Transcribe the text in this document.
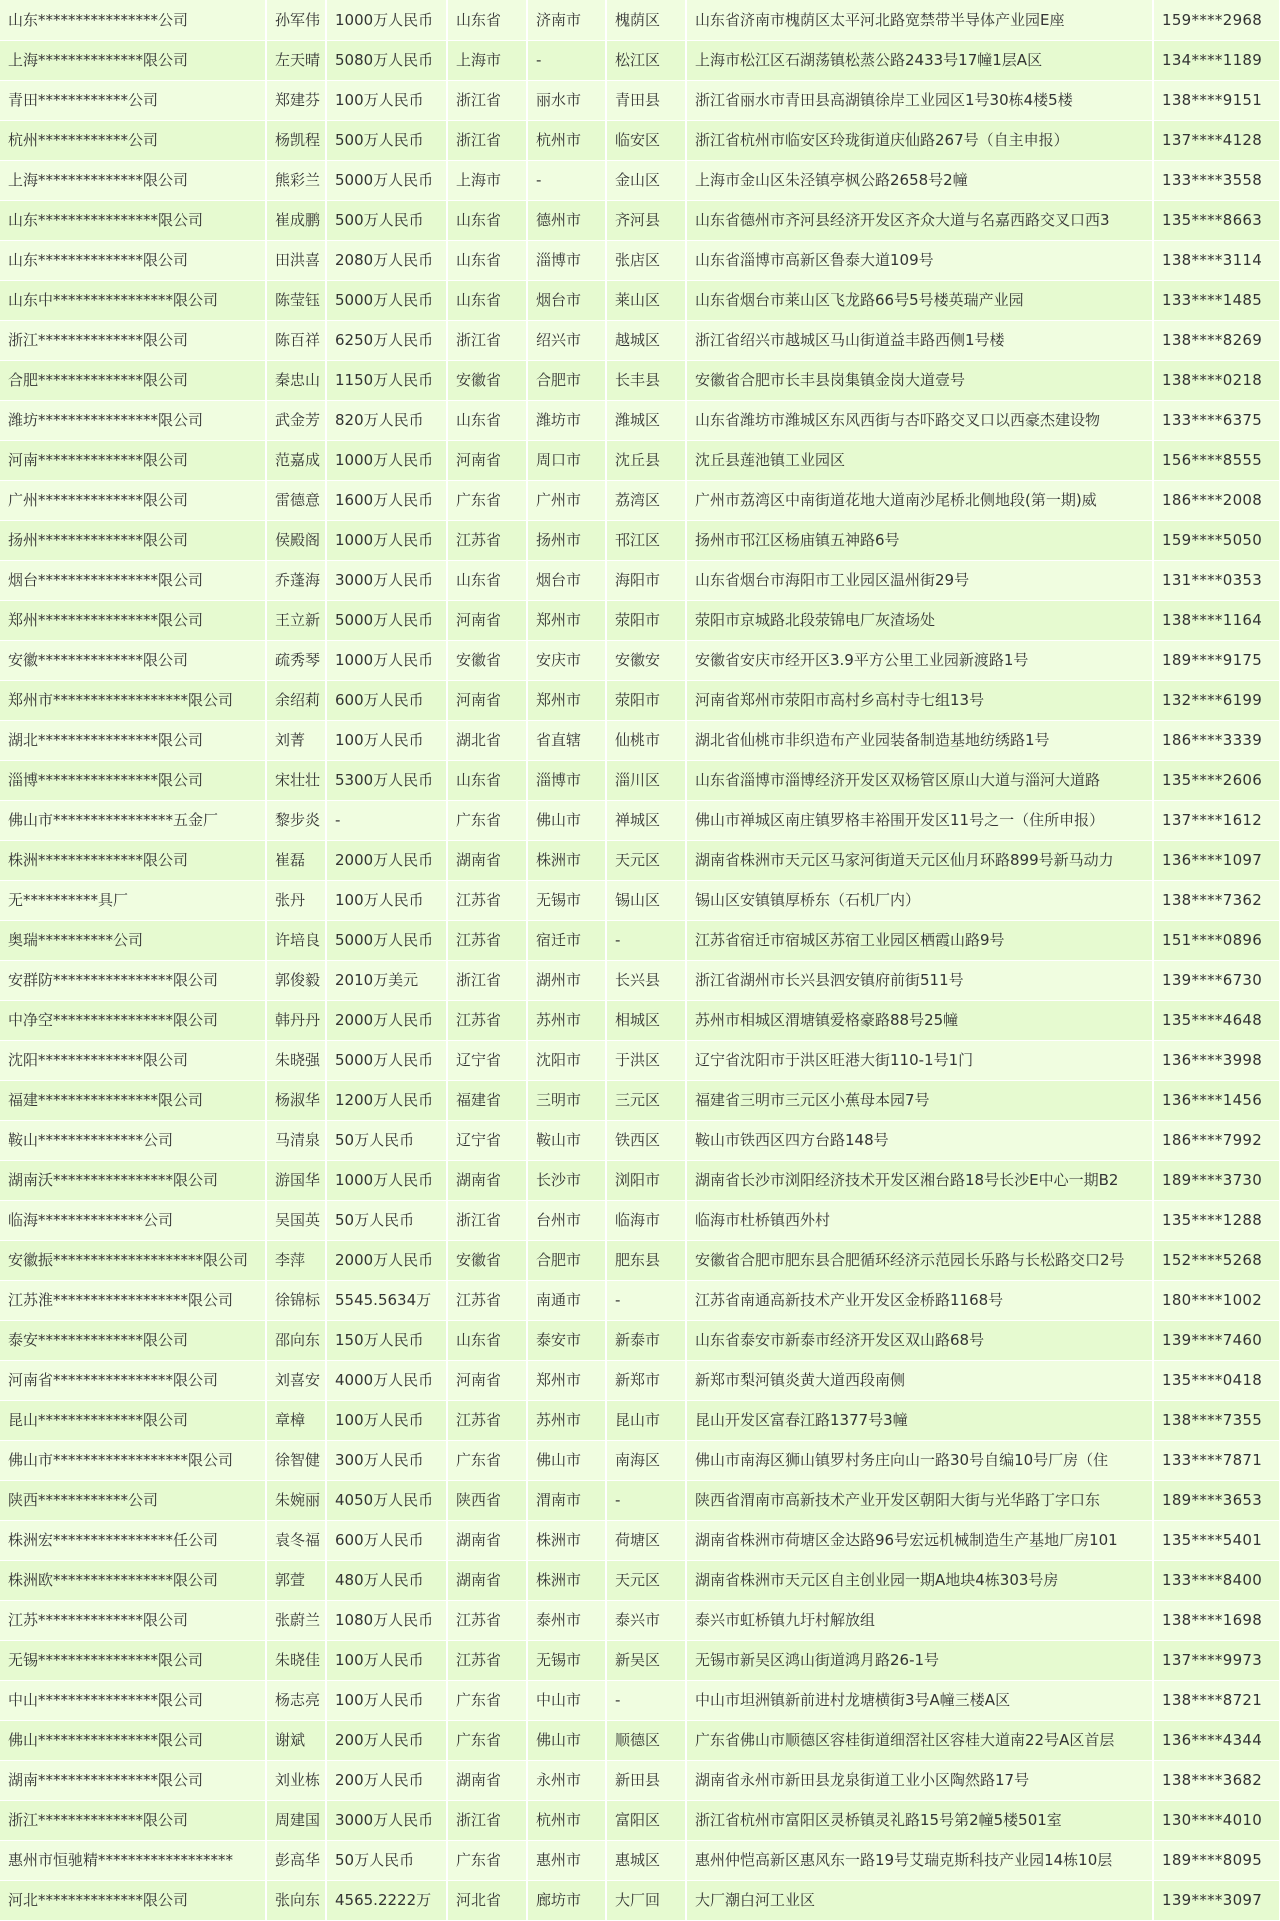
山东****************公司	孙军伟	1000万人民币	山东省	济南市	槐荫区	山东省济南市槐荫区太平河北路宽禁带半导体产业园E座	159****2968
上海**************限公司	左天晴	5080万人民币	上海市	-	松江区	上海市松江区石湖荡镇松蒸公路2433号17幢1层A区	134****1189
青田************公司	郑建芬	100万人民币	浙江省	丽水市	青田县	浙江省丽水市青田县高湖镇徐岸工业园区1号30栋4楼5楼	138****9151
杭州************公司	杨凯程	500万人民币	浙江省	杭州市	临安区	浙江省杭州市临安区玲珑街道庆仙路267号（自主申报）	137****4128
上海**************限公司	熊彩兰	5000万人民币	上海市	-	金山区	上海市金山区朱泾镇亭枫公路2658号2幢	133****3558
山东****************限公司	崔成鹏	500万人民币	山东省	德州市	齐河县	山东省德州市齐河县经济开发区齐众大道与名嘉西路交叉口西3	135****8663
山东**************限公司	田洪喜	2080万人民币	山东省	淄博市	张店区	山东省淄博市高新区鲁泰大道109号	138****3114
山东中****************限公司	陈莹钰	5000万人民币	山东省	烟台市	莱山区	山东省烟台市莱山区飞龙路66号5号楼英瑞产业园	133****1485
浙江**************限公司	陈百祥	6250万人民币	浙江省	绍兴市	越城区	浙江省绍兴市越城区马山街道益丰路西侧1号楼	138****8269
合肥**************限公司	秦忠山	1150万人民币	安徽省	合肥市	长丰县	安徽省合肥市长丰县岗集镇金岗大道壹号	138****0218
潍坊****************限公司	武金芳	820万人民币	山东省	潍坊市	潍城区	山东省潍坊市潍城区东风西街与杏吓路交叉口以西豪杰建设物	133****6375
河南**************限公司	范嘉成	1000万人民币	河南省	周口市	沈丘县	沈丘县莲池镇工业园区	156****8555
广州**************限公司	雷德意	1600万人民币	广东省	广州市	荔湾区	广州市荔湾区中南街道花地大道南沙尾桥北侧地段(第一期)威	186****2008
扬州**************限公司	侯殿阁	1000万人民币	江苏省	扬州市	邗江区	扬州市邗江区杨庙镇五神路6号	159****5050
烟台****************限公司	乔蓬海	3000万人民币	山东省	烟台市	海阳市	山东省烟台市海阳市工业园区温州街29号	131****0353
郑州****************限公司	王立新	5000万人民币	河南省	郑州市	荥阳市	荥阳市京城路北段荥锦电厂灰渣场处	138****1164
安徽**************限公司	疏秀琴	1000万人民币	安徽省	安庆市	安徽安	安徽省安庆市经开区3.9平方公里工业园新渡路1号	189****9175
郑州市******************限公司	余绍莉	600万人民币	河南省	郑州市	荥阳市	河南省郑州市荥阳市高村乡高村寺七组13号	132****6199
湖北****************限公司	刘菁	100万人民币	湖北省	省直辖	仙桃市	湖北省仙桃市非织造布产业园装备制造基地纺绣路1号	186****3339
淄博****************限公司	宋壮壮	5300万人民币	山东省	淄博市	淄川区	山东省淄博市淄博经济开发区双杨管区原山大道与淄河大道路	135****2606
佛山市****************五金厂	黎步炎	-	广东省	佛山市	禅城区	佛山市禅城区南庄镇罗格丰裕围开发区11号之一（住所申报）	137****1612
株洲**************限公司	崔磊	2000万人民币	湖南省	株洲市	天元区	湖南省株洲市天元区马家河街道天元区仙月环路899号新马动力	136****1097
无**********具厂	张丹	100万人民币	江苏省	无锡市	锡山区	锡山区安镇镇厚桥东（石机厂内）	138****7362
奥瑞**********公司	许培良	5000万人民币	江苏省	宿迁市	-	江苏省宿迁市宿城区苏宿工业园区栖霞山路9号	151****0896
安群防****************限公司	郭俊毅	2010万美元	浙江省	湖州市	长兴县	浙江省湖州市长兴县泗安镇府前街511号	139****6730
中净空****************限公司	韩丹丹	2000万人民币	江苏省	苏州市	相城区	苏州市相城区渭塘镇爱格豪路88号25幢	135****4648
沈阳**************限公司	朱晓强	5000万人民币	辽宁省	沈阳市	于洪区	辽宁省沈阳市于洪区旺港大街110-1号1门	136****3998
福建****************限公司	杨淑华	1200万人民币	福建省	三明市	三元区	福建省三明市三元区小蕉母本园7号	136****1456
鞍山**************公司	马清泉	50万人民币	辽宁省	鞍山市	铁西区	鞍山市铁西区四方台路148号	186****7992
湖南沃****************限公司	游国华	1000万人民币	湖南省	长沙市	浏阳市	湖南省长沙市浏阳经济技术开发区湘台路18号长沙E中心一期B2	189****3730
临海**************公司	吴国英	50万人民币	浙江省	台州市	临海市	临海市杜桥镇西外村	135****1288
安徽振********************限公司	李萍	2000万人民币	安徽省	合肥市	肥东县	安徽省合肥市肥东县合肥循环经济示范园长乐路与长松路交口2号	152****5268
江苏淮******************限公司	徐锦标	5545.5634万	江苏省	南通市	-	江苏省南通高新技术产业开发区金桥路1168号	180****1002
泰安**************限公司	邵向东	150万人民币	山东省	泰安市	新泰市	山东省泰安市新泰市经济开发区双山路68号	139****7460
河南省****************限公司	刘喜安	4000万人民币	河南省	郑州市	新郑市	新郑市梨河镇炎黄大道西段南侧	135****0418
昆山**************限公司	章樟	100万人民币	江苏省	苏州市	昆山市	昆山开发区富春江路1377号3幢	138****7355
佛山市******************限公司	徐智健	300万人民币	广东省	佛山市	南海区	佛山市南海区狮山镇罗村务庄向山一路30号自编10号厂房（住	133****7871
陕西************公司	朱婉丽	4050万人民币	陕西省	渭南市	-	陕西省渭南市高新技术产业开发区朝阳大街与光华路丁字口东	189****3653
株洲宏****************任公司	袁冬福	600万人民币	湖南省	株洲市	荷塘区	湖南省株洲市荷塘区金达路96号宏远机械制造生产基地厂房101	135****5401
株洲欧****************限公司	郭萱	480万人民币	湖南省	株洲市	天元区	湖南省株洲市天元区自主创业园一期A地块4栋303号房	133****8400
江苏**************限公司	张蔚兰	1080万人民币	江苏省	泰州市	泰兴市	泰兴市虹桥镇九圩村解放组	138****1698
无锡****************限公司	朱晓佳	100万人民币	江苏省	无锡市	新吴区	无锡市新吴区鸿山街道鸿月路26-1号	137****9973
中山****************限公司	杨志亮	100万人民币	广东省	中山市	-	中山市坦洲镇新前进村龙塘横街3号A幢三楼A区	138****8721
佛山****************限公司	谢斌	200万人民币	广东省	佛山市	顺德区	广东省佛山市顺德区容桂街道细滘社区容桂大道南22号A区首层	136****4344
湖南****************限公司	刘业栋	200万人民币	湖南省	永州市	新田县	湖南省永州市新田县龙泉街道工业小区陶然路17号	138****3682
浙江**************限公司	周建国	3000万人民币	浙江省	杭州市	富阳区	浙江省杭州市富阳区灵桥镇灵礼路15号第2幢5楼501室	130****4010
惠州市恒驰精******************	彭高华	50万人民币	广东省	惠州市	惠城区	惠州仲恺高新区惠风东一路19号艾瑞克斯科技产业园14栋10层	189****8095
河北**************限公司	张向东	4565.2222万	河北省	廊坊市	大厂回	大厂潮白河工业区	139****3097
